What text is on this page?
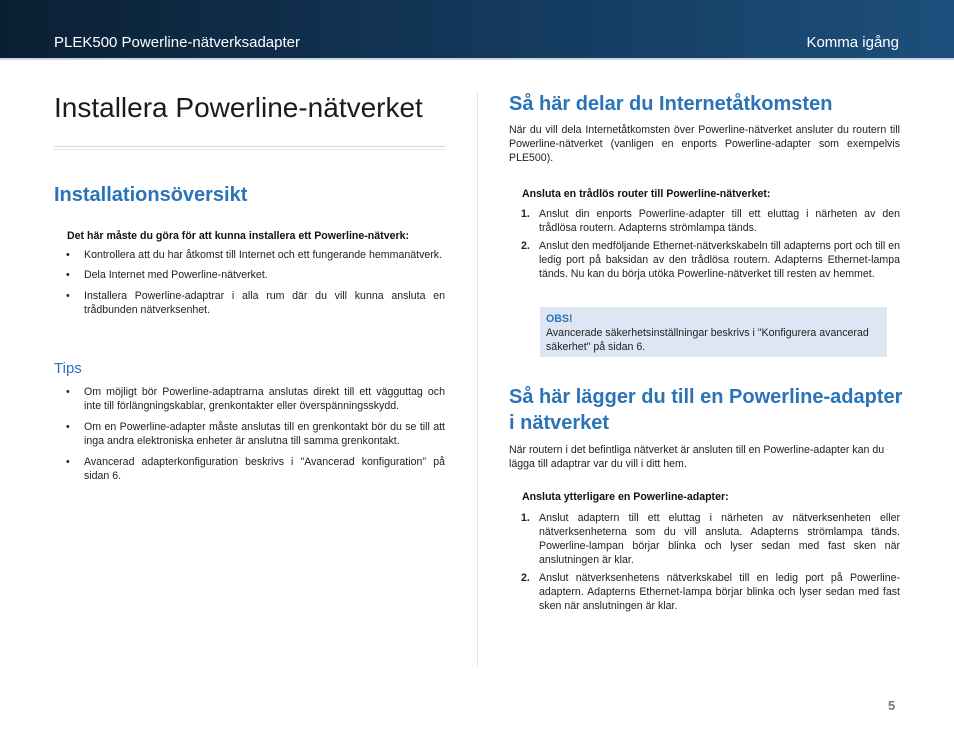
PLEK500 Powerline-nätverksadapter	Komma igång
Installera Powerline-nätverket
Installationsöversikt

Det här måste du göra för att kunna installera ett Powerline-nätverk:

• Kontrollera att du har åtkomst till Internet och ett fungerande hemmanätverk.
• Dela Internet med Powerline-nätverket.
• Installera Powerline-adaptrar i alla rum där du vill kunna ansluta en trådbunden nätverksenhet.
Tips
• Om möjligt bör Powerline-adaptrarna anslutas direkt till ett vägguttag och inte till förlängningskablar, grenkontakter eller överspänningsskydd.
• Om en Powerline-adapter måste anslutas till en grenkontakt bör du se till att inga andra elektroniska enheter är anslutna till samma grenkontakt.
• Avancerad adapterkonfiguration beskrivs i "Avancerad konfiguration" på sidan 6.
Så här delar du Internetåtkomsten

När du vill dela Internetåtkomsten över Powerline-nätverket ansluter du routern till Powerline-nätverket (vanligen en enports Powerline-adapter som exempelvis PLE500).

Ansluta en trådlös router till Powerline-nätverket:

1. Anslut din enports Powerline-adapter till ett eluttag i närheten av den trådlösa routern. Adapterns strömlampa tänds.
2. Anslut den medföljande Ethernet-nätverkskabeln till adapterns port och till en ledig port på baksidan av den trådlösa routern. Adapterns Ethernet-lampa tänds. Nu kan du börja utöka Powerline-nätverket till resten av hemmet.
OBS!
Avancerade säkerhetsinställningar beskrivs i "Konfigurera avancerad säkerhet" på sidan 6.
Så här lägger du till en Powerline-adapter
i nätverket

När routern i det befintliga nätverket är ansluten till en Powerline-adapter kan du lägga till adaptrar var du vill i ditt hem.

Ansluta ytterligare en Powerline-adapter:

1. Anslut adaptern till ett eluttag i närheten av nätverksenheten eller nätverksenheterna som du vill ansluta. Adapterns strömlampa tänds. Powerline-lampan börjar blinka och lyser sedan med fast sken när anslutningen är klar.
2. Anslut nätverksenhetens nätverkskabel till en ledig port på Powerline-adaptern. Adapterns Ethernet-lampa börjar blinka och lyser sedan med fast sken när anslutningen är klar.
5
